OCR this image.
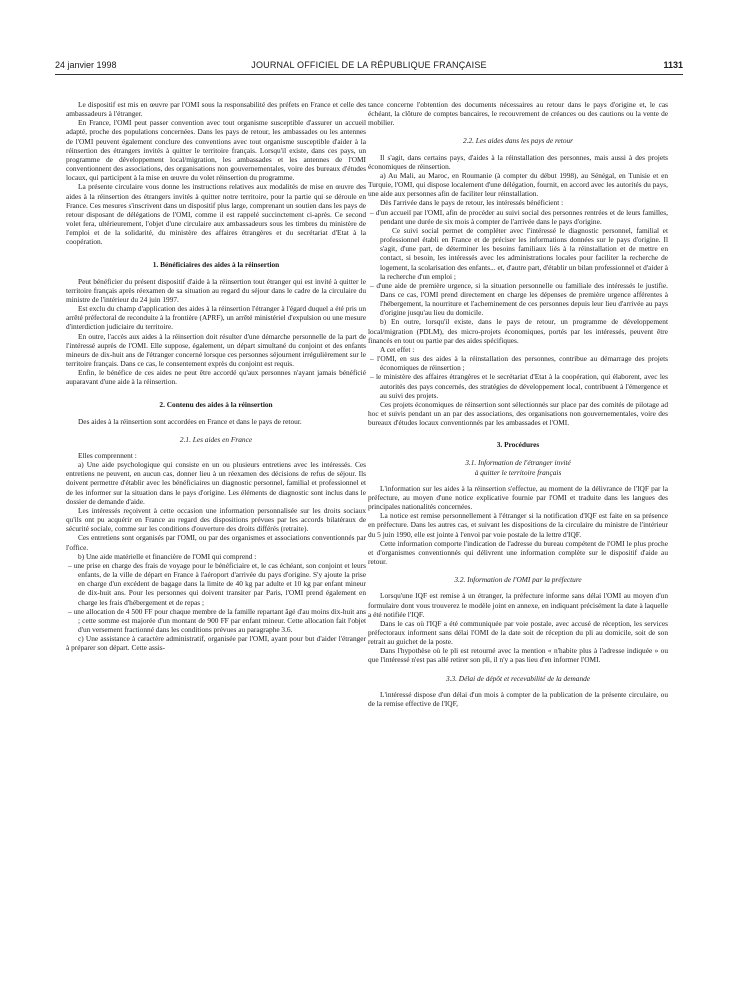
24 janvier 1998	JOURNAL OFFICIEL DE LA RÉPUBLIQUE FRANÇAISE	1131

Le dispositif est mis en œuvre par l'OMI sous la responsabilité des préfets en France et celle des ambassadeurs à l'étranger.

En France, l'OMI peut passer convention avec tout organisme susceptible d'assurer un accueil adapté, proche des populations concernées. Dans les pays de retour, les ambassades ou les antennes de l'OMI peuvent également conclure des conventions avec tout organisme susceptible d'aider à la réinsertion des étrangers invités à quitter le territoire français. Lorsqu'il existe, dans ces pays, un programme de développement local/migration, les ambassades et les antennes de l'OMI conventionnent des associations, des organisations non gouvernementales, voire des bureaux d'études locaux, qui participent à la mise en œuvre du volet réinsertion du programme.

La présente circulaire vous donne les instructions relatives aux modalités de mise en œuvre des aides à la réinsertion des étrangers invités à quitter notre territoire, pour la partie qui se déroule en France. Ces mesures s'inscrivent dans un dispositif plus large, comprenant un soutien dans les pays de retour disposant de délégations de l'OMI, comme il est rappelé succinctement ci-après. Ce second volet fera, ultérieurement, l'objet d'une circulaire aux ambassadeurs sous les timbres du ministère de l'emploi et de la solidarité, du ministère des affaires étrangères et du secrétariat d'Etat à la coopération.

1. Bénéficiaires des aides à la réinsertion

Peut bénéficier du présent dispositif d'aide à la réinsertion tout étranger qui est invité à quitter le territoire français après réexamen de sa situation au regard du séjour dans le cadre de la circulaire du ministre de l'intérieur du 24 juin 1997.

Est exclu du champ d'application des aides à la réinsertion l'étranger à l'égard duquel a été pris un arrêté préfectoral de reconduite à la frontière (APRF), un arrêté ministériel d'expulsion ou une mesure d'interdiction judiciaire du territoire.

En outre, l'accès aux aides à la réinsertion doit résulter d'une démarche personnelle de la part de l'intéressé auprès de l'OMI. Elle suppose, également, un départ simultané du conjoint et des enfants mineurs de dix-huit ans de l'étranger concerné lorsque ces personnes séjournent irrégulièrement sur le territoire français. Dans ce cas, le consentement exprès du conjoint est requis.

Enfin, le bénéfice de ces aides ne peut être accordé qu'aux personnes n'ayant jamais bénéficié auparavant d'une aide à la réinsertion.

2. Contenu des aides à la réinsertion

Des aides à la réinsertion sont accordées en France et dans le pays de retour.

2.1. Les aides en France

Elles comprennent :

a) Une aide psychologique qui consiste en un ou plusieurs entretiens avec les intéressés. Ces entretiens ne peuvent, en aucun cas, donner lieu à un réexamen des décisions de refus de séjour. Ils doivent permettre d'établir avec les bénéficiaires un diagnostic personnel, familial et professionnel et de les informer sur la situation dans le pays d'origine. Les éléments de diagnostic sont inclus dans le dossier de demande d'aide.

Les intéressés reçoivent à cette occasion une information personnalisée sur les droits sociaux qu'ils ont pu acquérir en France au regard des dispositions prévues par les accords bilatéraux de sécurité sociale, comme sur les conditions d'ouverture des droits différés (retraite).

Ces entretiens sont organisés par l'OMI, ou par des organismes et associations conventionnés par l'office.

b) Une aide matérielle et financière de l'OMI qui comprend :

– une prise en charge des frais de voyage pour le bénéficiaire et, le cas échéant, son conjoint et leurs enfants, de la ville de départ en France à l'aéroport d'arrivée du pays d'origine. S'y ajoute la prise en charge d'un excédent de bagage dans la limite de 40 kg par adulte et 10 kg par enfant mineur de dix-huit ans. Pour les personnes qui doivent transiter par Paris, l'OMI prend également en charge les frais d'hébergement et de repas ;

– une allocation de 4 500 FF pour chaque membre de la famille repartant âgé d'au moins dix-huit ans ; cette somme est majorée d'un montant de 900 FF par enfant mineur. Cette allocation fait l'objet d'un versement fractionné dans les conditions prévues au paragraphe 3.6.

c) Une assistance à caractère administratif, organisée par l'OMI, ayant pour but d'aider l'étranger à préparer son départ. Cette assis-

tance concerne l'obtention des documents nécessaires au retour dans le pays d'origine et, le cas échéant, la clôture de comptes bancaires, le recouvrement de créances ou des cautions ou la vente de mobilier.

2.2. Les aides dans les pays de retour

Il s'agit, dans certains pays, d'aides à la réinstallation des personnes, mais aussi à des projets économiques de réinsertion.

a) Au Mali, au Maroc, en Roumanie (à compter du début 1998), au Sénégal, en Tunisie et en Turquie, l'OMI, qui dispose localement d'une délégation, fournit, en accord avec les autorités du pays, une aide aux personnes afin de faciliter leur réinstallation.

Dès l'arrivée dans le pays de retour, les intéressés bénéficient :

– d'un accueil par l'OMI, afin de procéder au suivi social des personnes rentrées et de leurs familles, pendant une durée de six mois à compter de l'arrivée dans le pays d'origine.

Ce suivi social permet de compléter avec l'intéressé le diagnostic personnel, familial et professionnel établi en France et de préciser les informations données sur le pays d'origine. Il s'agit, d'une part, de déterminer les besoins familiaux liés à la réinstallation et de mettre en contact, si besoin, les intéressés avec les administrations locales pour faciliter la recherche de logement, la scolarisation des enfants... et, d'autre part, d'établir un bilan professionnel et d'aider à la recherche d'un emploi ;

– d'une aide de première urgence, si la situation personnelle ou familiale des intéressés le justifie. Dans ce cas, l'OMI prend directement en charge les dépenses de première urgence afférentes à l'hébergement, la nourriture et l'acheminement de ces personnes depuis leur lieu d'arrivée au pays d'origine jusqu'au lieu du domicile.

b) En outre, lorsqu'il existe, dans le pays de retour, un programme de développement local/migration (PDLM), des micro-projets économiques, portés par les intéressés, peuvent être financés en tout ou partie par des aides spécifiques.

A cet effet :

– l'OMI, en sus des aides à la réinstallation des personnes, contribue au démarrage des projets économiques de réinsertion ;

– le ministère des affaires étrangères et le secrétariat d'Etat à la coopération, qui élaborent, avec les autorités des pays concernés, des stratégies de développement local, contribuent à l'émergence et au suivi des projets.

Ces projets économiques de réinsertion sont sélectionnés sur place par des comités de pilotage ad hoc et suivis pendant un an par des associations, des organisations non gouvernementales, voire des bureaux d'études locaux conventionnés par les ambassades et l'OMI.

3. Procédures

3.1. Information de l'étranger invité

à quitter le territoire français

L'information sur les aides à la réinsertion s'effectue, au moment de la délivrance de l'IQF par la préfecture, au moyen d'une notice explicative fournie par l'OMI et traduite dans les langues des principales nationalités concernées.

La notice est remise personnellement à l'étranger si la notification d'IQF est faite en sa présence en préfecture. Dans les autres cas, et suivant les dispositions de la circulaire du ministre de l'intérieur du 5 juin 1990, elle est jointe à l'envoi par voie postale de la lettre d'IQF.

Cette information comporte l'indication de l'adresse du bureau compétent de l'OMI le plus proche et d'organismes conventionnés qui délivrent une information complète sur le dispositif d'aide au retour.

3.2. Information de l'OMI par la préfecture

Lorsqu'une IQF est remise à un étranger, la préfecture informe sans délai l'OMI au moyen d'un formulaire dont vous trouverez le modèle joint en annexe, en indiquant précisément la date à laquelle a été notifiée l'IQF.

Dans le cas où l'IQF a été communiquée par voie postale, avec accusé de réception, les services préfectoraux informent sans délai l'OMI de la date soit de réception du pli au domicile, soit de son retrait au guichet de la poste.

Dans l'hypothèse où le pli est retourné avec la mention « n'habite plus à l'adresse indiquée » ou que l'intéressé n'est pas allé retirer son pli, il n'y a pas lieu d'en informer l'OMI.

3.3. Délai de dépôt et recevabilité de la demande

L'intéressé dispose d'un délai d'un mois à compter de la publication de la présente circulaire, ou de la remise effective de l'IQF,
